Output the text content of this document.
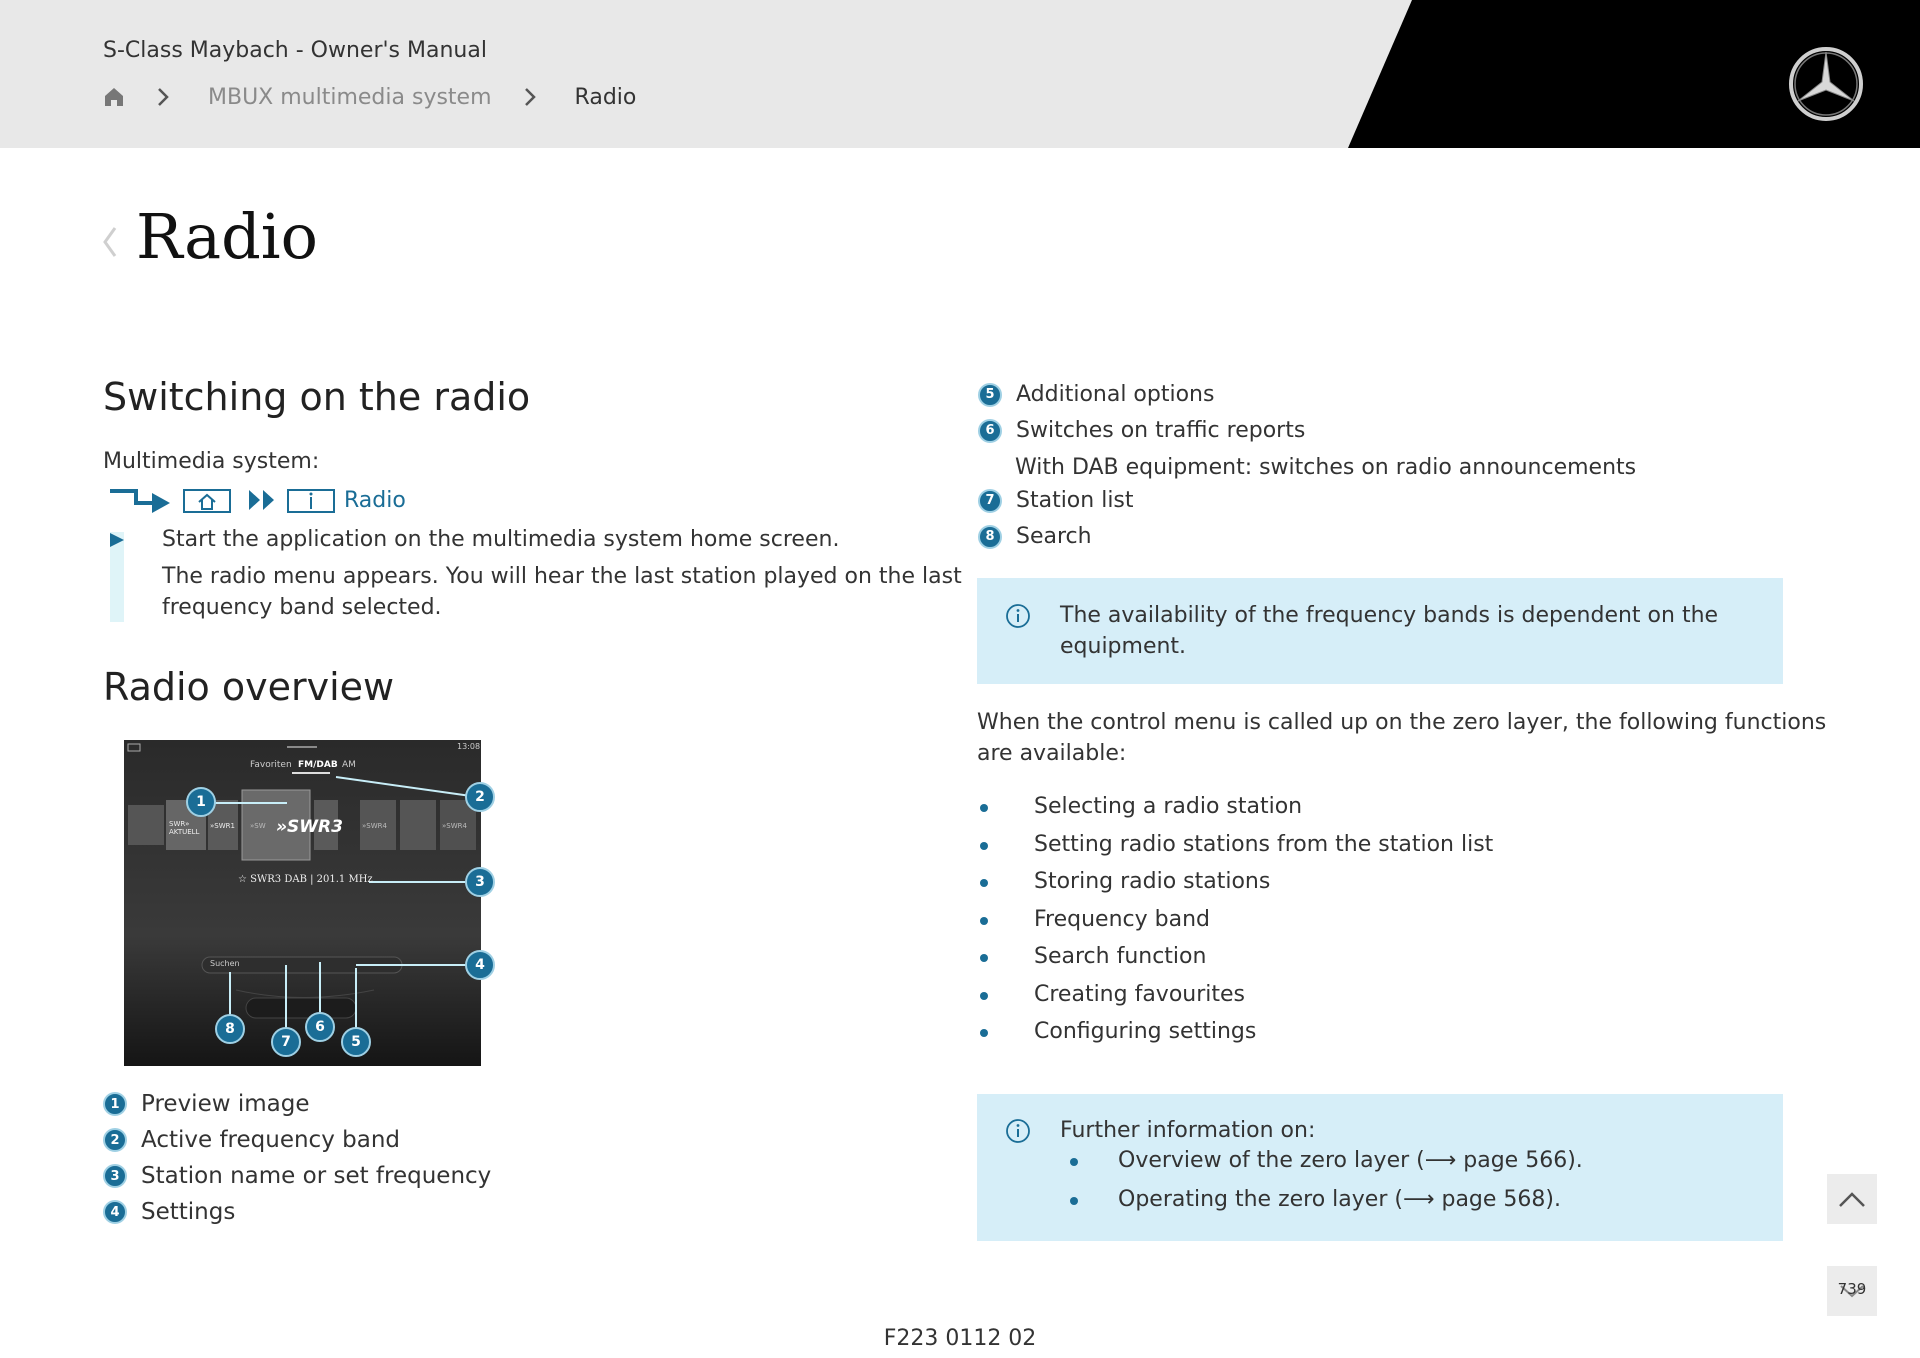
S-Class Maybach - Owner's Manual
MBUX multimedia system	Radio
Radio
Switching on the radio
Multimedia system:
Radio
Start the application on the multimedia system home screen.
The radio menu appears. You will hear the last station played on the last
frequency band selected.
Radio overview
Favoriten FM/DAB AM
13:08
SWR» AKTUELL
»SWR1 »SW »SWR3	»SWR4	»SWR4
☆ SWR3 DAB | 201.1 MHz
Suchen
1	2
3
4
5
6
7
8
1 Preview image
2 Active frequency band
3 Station name or set frequency
4 Settings
5 Additional options
6 Switches on traffic reports
With DAB equipment: switches on radio announcements
7 Station list
8 Search
The availability of the frequency bands is dependent on the
equipment.
When the control menu is called up on the zero layer, the following functions
are available:
Selecting a radio station
Setting radio stations from the station list
Storing radio stations
Frequency band
Search function
Creating favourites
Configuring settings
Further information on:
Overview of the zero layer (⟶ page 566).
Operating the zero layer (⟶ page 568).
739
F223 0112 02
